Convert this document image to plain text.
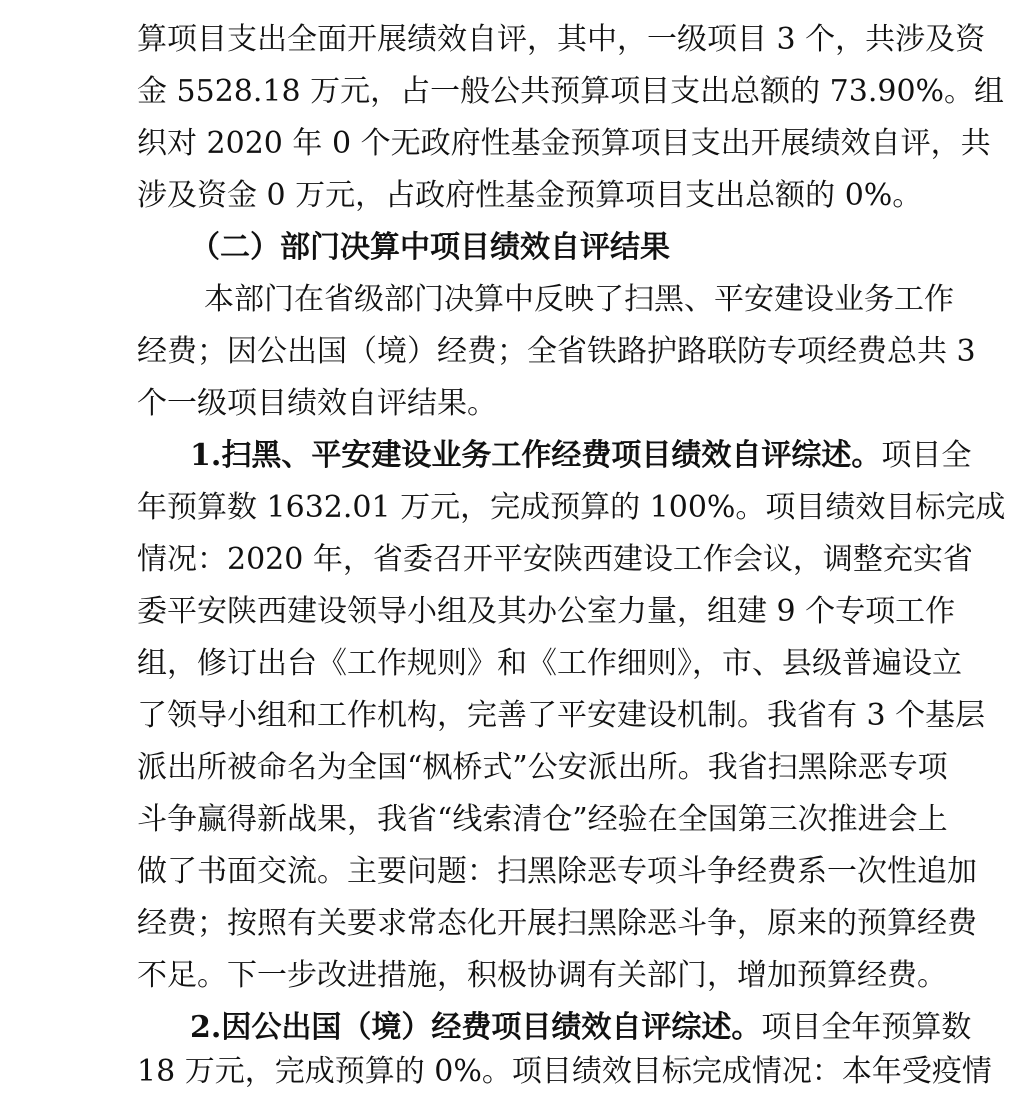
算项目支出全面开展绩效自评，其中，一级项目 3 个，共涉及资
金 5528.18 万元，占一般公共预算项目支出总额的 73.90%。组
织对 2020 年 0 个无政府性基金预算项目支出开展绩效自评，共
涉及资金 0 万元，占政府性基金预算项目支出总额的 0%。
（二）部门决算中项目绩效自评结果
本部门在省级部门决算中反映了扫黑、平安建设业务工作
经费；因公出国（境）经费；全省铁路护路联防专项经费总共 3
个一级项目绩效自评结果。
1.扫黑、平安建设业务工作经费项目绩效自评综述。项目全
年预算数 1632.01 万元，完成预算的 100%。项目绩效目标完成
情况：2020 年，省委召开平安陕西建设工作会议，调整充实省
委平安陕西建设领导小组及其办公室力量，组建 9 个专项工作
组，修订出台《工作规则》和《工作细则》，市、县级普遍设立
了领导小组和工作机构，完善了平安建设机制。我省有 3 个基层
派出所被命名为全国“枫桥式”公安派出所。我省扫黑除恶专项
斗争赢得新战果，我省“线索清仓”经验在全国第三次推进会上
做了书面交流。主要问题：扫黑除恶专项斗争经费系一次性追加
经费；按照有关要求常态化开展扫黑除恶斗争，原来的预算经费
不足。下一步改进措施，积极协调有关部门，增加预算经费。
2.因公出国（境）经费项目绩效自评综述。项目全年预算数
18 万元，完成预算的 0%。项目绩效目标完成情况：本年受疫情
